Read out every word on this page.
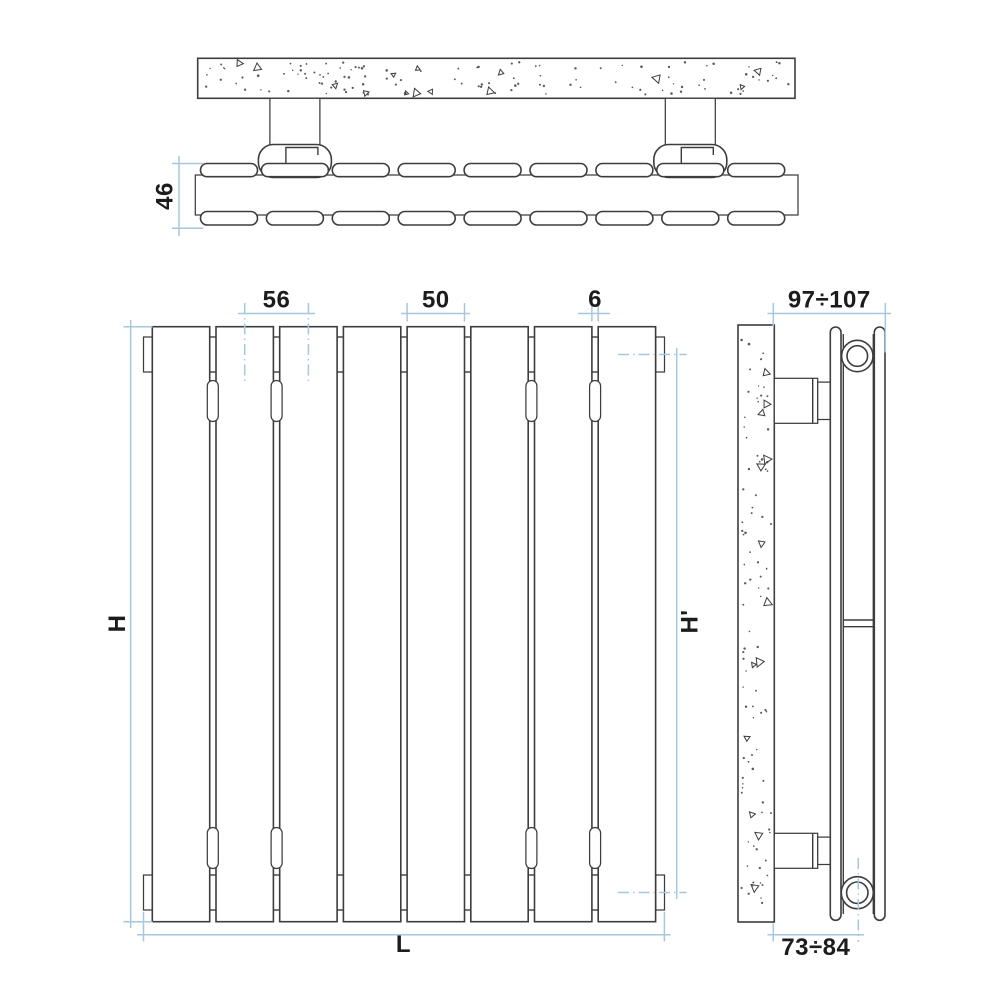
46
56	50	6
H	H'
L
97÷107
73÷84
